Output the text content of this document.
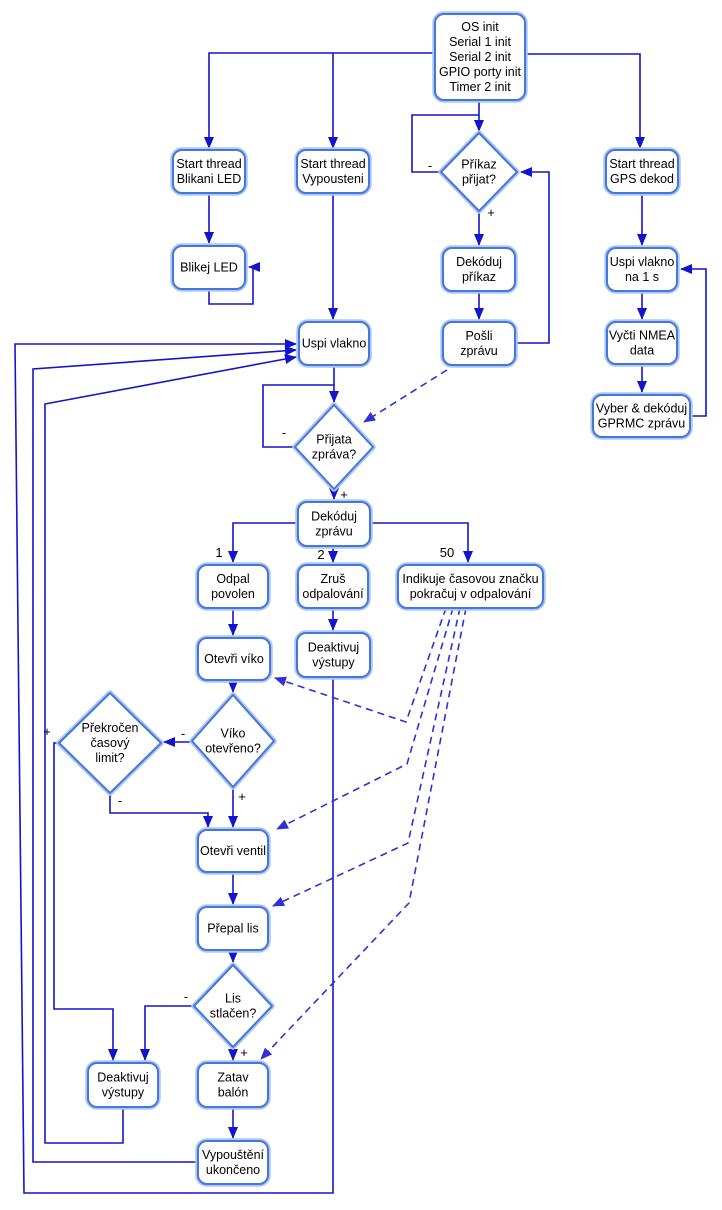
OS init
Serial 1 init
Serial 2 init
GPIO porty init
Timer 2 init
Start thread
Blikani LED
Start thread
Vypousteni
Start thread
GPS dekod
Blikej LED	Dekóduj
příkaz
Pošli
zprávu
Uspi vlakno
Uspi vlakno
na 1 s
Vyčti NMEA
data
Vyber & dekóduj
GPRMC zprávu
Dekóduj
zprávu
Odpal
povolen
Zruš
odpalování
Indikuje časovou značku
pokračuj v odpalování
Otevři víko
Deaktivuj
výstupy
Otevři ventil
Přepal lis
Zatav
balón
Deaktivuj
výstupy
Vypouštění
ukončeno
Příkaz
přijat?
Přijata
zpráva?
Víko
otevřeno?
Překročen
časový
limit?
Lis
stlačen?
-
+
-
+
1	2	50
-
+
+
-
-
+
